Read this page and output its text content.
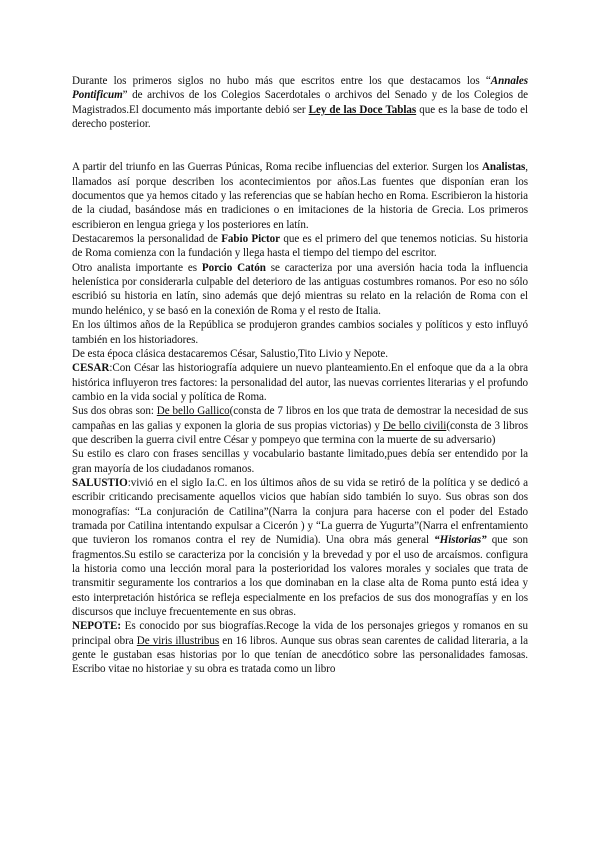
Durante los primeros siglos no hubo más que escritos entre los que destacamos los “Annales Pontificum” de archivos de los Colegios Sacerdotales o archivos del Senado y de los Colegios de Magistrados.El documento más importante debió ser Ley de las Doce Tablas que es la base de todo el derecho posterior.

A partir del triunfo en las Guerras Púnicas, Roma recibe influencias del exterior. Surgen los Analistas, llamados así porque describen los acontecimientos por años.Las fuentes que disponían eran los documentos que ya hemos citado y las referencias que se habían hecho en Roma. Escribieron la historia de la ciudad, basándose más en tradiciones o en imitaciones de la historia de Grecia. Los primeros escribieron en lengua griega y los posteriores en latín.

Destacaremos la personalidad de Fabio Pictor que es el primero del que tenemos noticias. Su historia de Roma comienza con la fundación y llega hasta el tiempo del tiempo del escritor.

Otro analista importante es Porcio Catón se caracteriza por una aversión hacia toda la influencia helenística por considerarla culpable del deterioro de las antiguas costumbres romanos. Por eso no sólo escribió su historia en latín, sino además que dejó mientras su relato en la relación de Roma con el mundo helénico, y se basó en la conexión de Roma y el resto de Italia.

En los últimos años de la República se produjeron grandes cambios sociales y políticos y esto influyó también en los historiadores.

De esta época clásica destacaremos César, Salustio,Tito Livio y Nepote.

CESAR:Con César las historiografía adquiere un nuevo planteamiento.En el enfoque que da a la obra histórica influyeron tres factores: la personalidad del autor, las nuevas corrientes literarias y el profundo cambio en la vida social y política de Roma.

Sus dos obras son: De bello Gallico(consta de 7 libros en los que trata de demostrar la necesidad de sus campañas en las galias y exponen la gloria de sus propias victorias) y De bello civili(consta de 3 libros que describen la guerra civil entre César y pompeyo que termina con la muerte de su adversario)

Su estilo es claro con frases sencillas y vocabulario bastante limitado,pues debía ser entendido por la gran mayoría de los ciudadanos romanos.

SALUSTIO:vivió en el siglo Ia.C. en los últimos años de su vida se retiró de la política y se dedicó a escribir criticando precisamente aquellos vicios que habían sido también lo suyo. Sus obras son dos monografías: “La conjuración de Catilina”(Narra la conjura para hacerse con el poder del Estado tramada por Catilina intentando expulsar a Cicerón ) y “La guerra de Yugurta”(Narra el enfrentamiento que tuvieron los romanos contra el rey de Numidia). Una obra más general “Historias” que son fragmentos.Su estilo se caracteriza por la concisión y la brevedad y por el uso de arcaísmos. configura la historia como una lección moral para la posterioridad los valores morales y sociales que trata de transmitir seguramente los contrarios a los que dominaban en la clase alta de Roma punto está idea y esto interpretación histórica se refleja especialmente en los prefacios de sus dos monografías y en los discursos que incluye frecuentemente en sus obras.

NEPOTE: Es conocido por sus biografías.Recoge la vida de los personajes griegos y romanos en su principal obra De viris illustribus en 16 libros. Aunque sus obras sean carentes de calidad literaria, a la gente le gustaban esas historias por lo que tenían de anecdótico sobre las personalidades famosas. Escribo vitae no historiae y su obra es tratada como un libro
